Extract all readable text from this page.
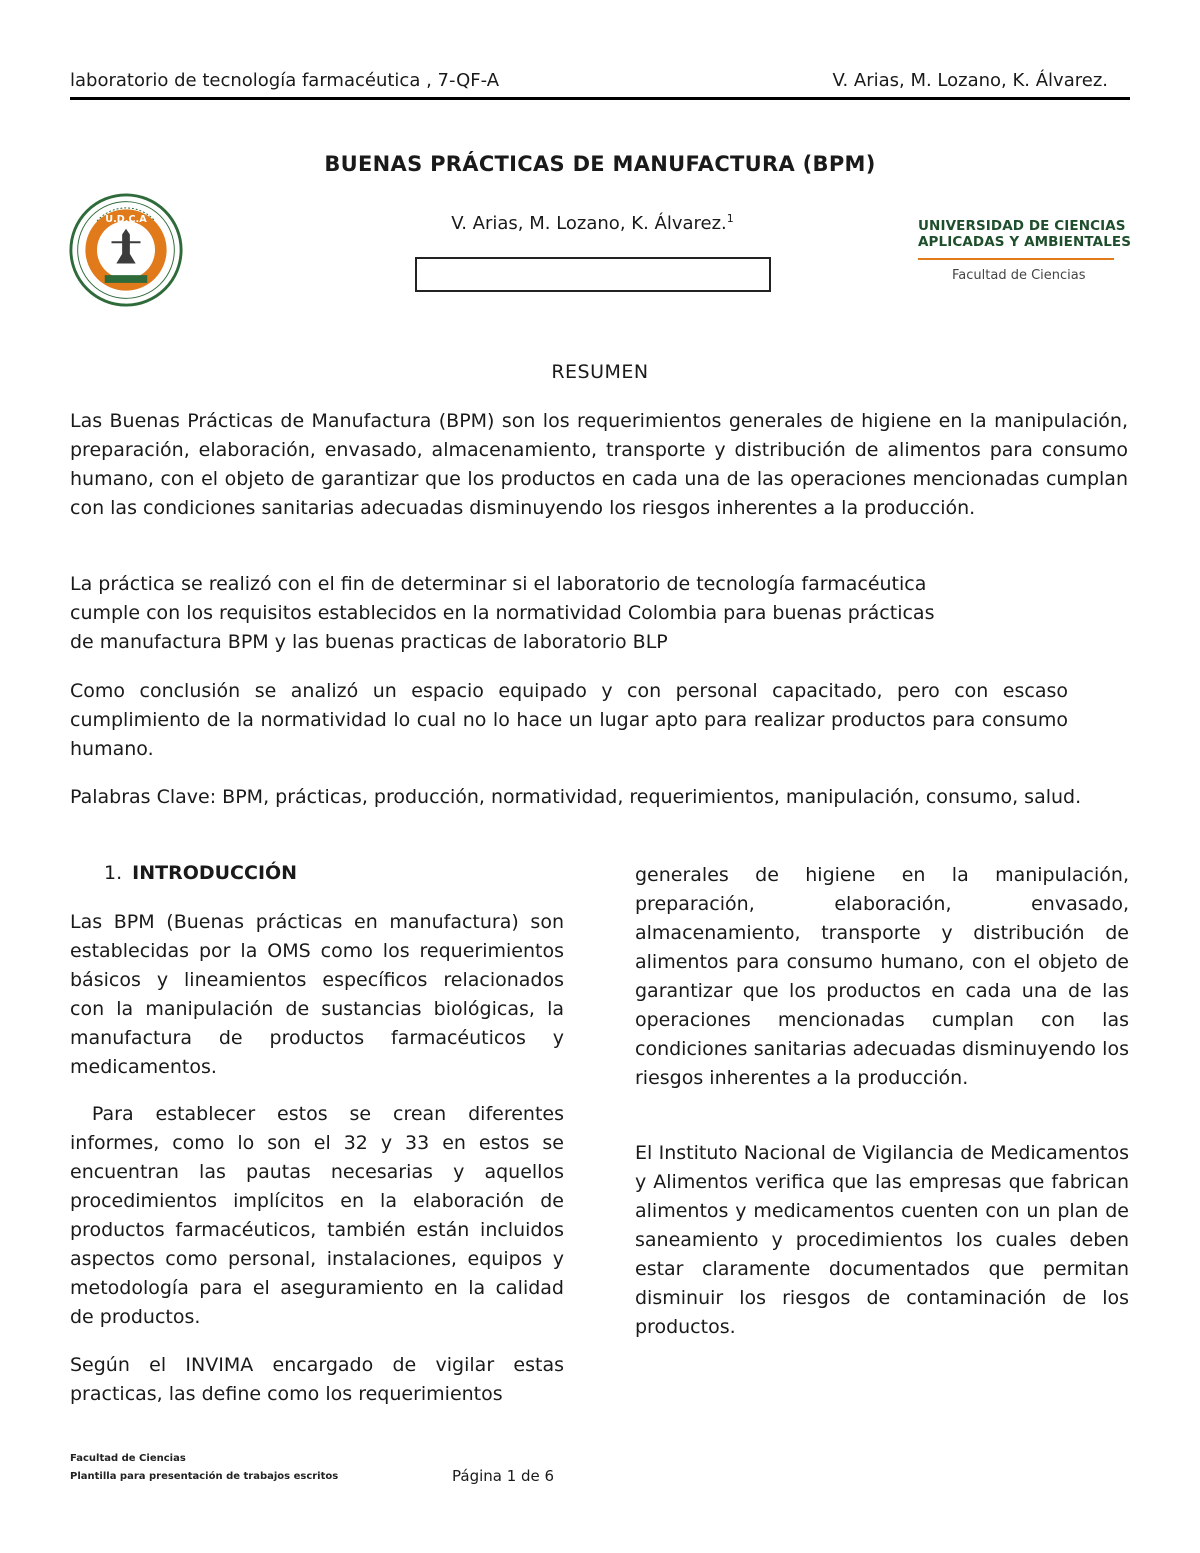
laboratorio de tecnología farmacéutica , 7-QF-A	V. Arias, M. Lozano, K. Álvarez.
BUENAS PRÁCTICAS DE MANUFACTURA (BPM)
V. Arias, M. Lozano, K. Álvarez.$^1$
U.D.C.A	UNIVERSIDAD DE CIENCIAS
APLICADAS Y AMBIENTALES
Facultad de Ciencias
RESUMEN

Las Buenas Prácticas de Manufactura (BPM) son los requerimientos generales de higiene en la manipulación, preparación, elaboración, envasado, almacenamiento, transporte y distribución de alimentos para consumo humano, con el objeto de garantizar que los productos en cada una de las operaciones mencionadas cumplan con las condiciones sanitarias adecuadas disminuyendo los riesgos inherentes a la producción.

La práctica se realizó con el fin de determinar si el laboratorio de tecnología farmacéutica
cumple con los requisitos establecidos en la normatividad Colombia para buenas prácticas
de manufactura BPM y las buenas practicas de laboratorio BLP

Como conclusión se analizó un espacio equipado y con personal capacitado, pero con escaso cumplimiento de la normatividad lo cual no lo hace un lugar apto para realizar productos para consumo humano.

Palabras Clave: BPM, prácticas, producción, normatividad, requerimientos, manipulación, consumo, salud.

1. INTRODUCCIÓN

Las BPM (Buenas prácticas en manufactura) son establecidas por la OMS como los requerimientos básicos y lineamientos específicos relacionados con la manipulación de sustancias biológicas, la manufactura de productos farmacéuticos y medicamentos.

Para establecer estos se crean diferentes informes, como lo son el 32 y 33 en estos se encuentran las pautas necesarias y aquellos procedimientos implícitos en la elaboración de productos farmacéuticos, también están incluidos aspectos como personal, instalaciones, equipos y metodología para el aseguramiento en la calidad de productos.

Según el INVIMA encargado de vigilar estas practicas, las define como los requerimientos

generales de higiene en la manipulación, preparación, elaboración, envasado, almacenamiento, transporte y distribución de alimentos para consumo humano, con el objeto de garantizar que los productos en cada una de las operaciones mencionadas cumplan con las condiciones sanitarias adecuadas disminuyendo los riesgos inherentes a la producción.

El Instituto Nacional de Vigilancia de Medicamentos y Alimentos verifica que las empresas que fabrican alimentos y medicamentos cuenten con un plan de saneamiento y procedimientos los cuales deben estar claramente documentados que permitan disminuir los riesgos de contaminación de los productos.

Facultad de Ciencias
Plantilla para presentación de trabajos escritos	Página 1 de 6
